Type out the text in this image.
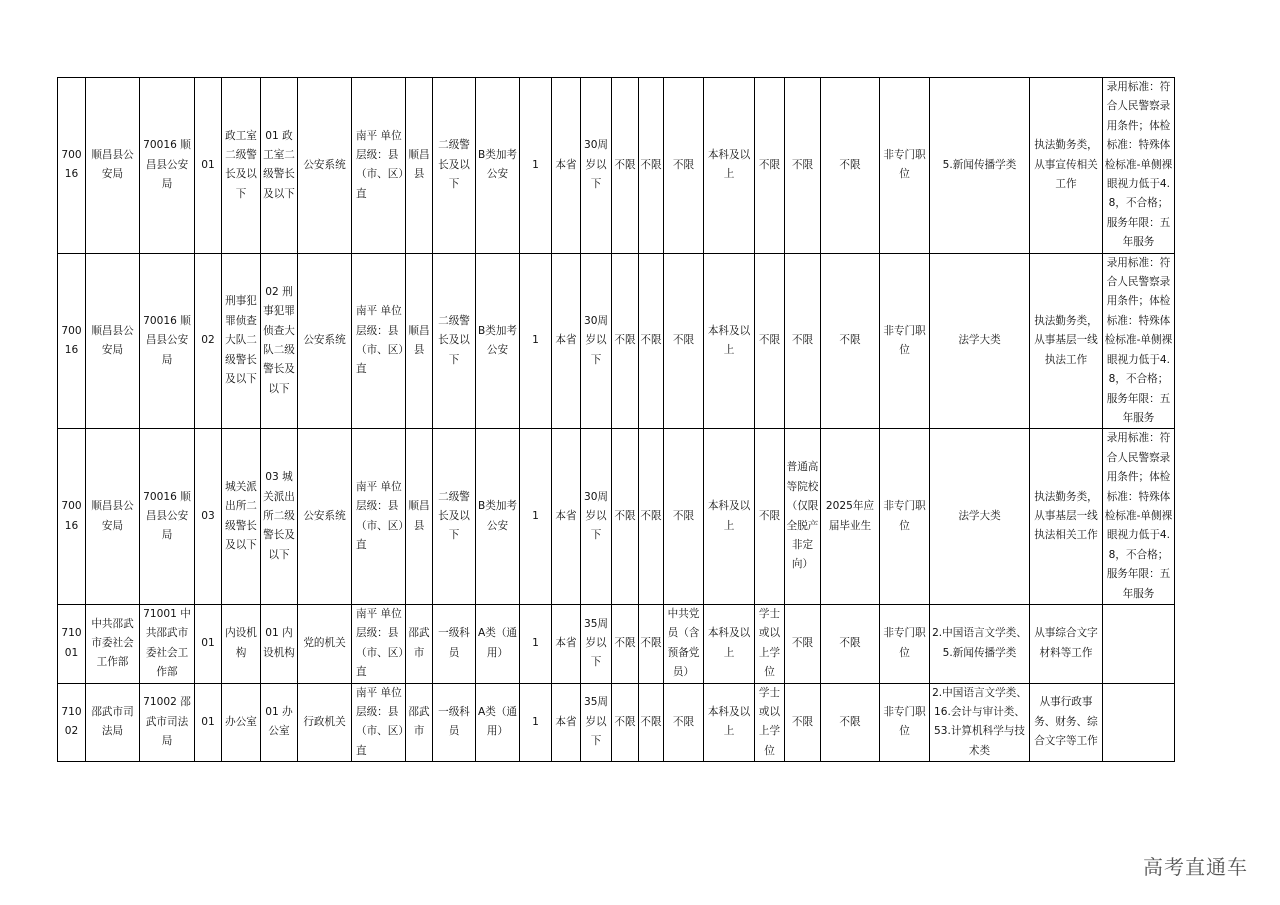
70016	顺昌县公安局	70016 顺昌县公安局	01	政工室二级警长及以下	01 政工室二级警长及以下	公安系统	南平 单位层级：县（市、区）直	顺昌县	二级警长及以下	B类加考公安	1	本省	30周岁以下	不限	不限	不限	本科及以上	不限	不限	不限	非专门职位	5.新闻传播学类	执法勤务类，从事宣传相关工作	录用标准：符合人民警察录用条件；体检标准：特殊体检标准-单侧裸眼视力低于4.8，不合格；服务年限：五年服务
70016	顺昌县公安局	70016 顺昌县公安局	02	刑事犯罪侦查大队二级警长及以下	02 刑事犯罪侦查大队二级警长及以下	公安系统	南平 单位层级：县（市、区）直	顺昌县	二级警长及以下	B类加考公安	1	本省	30周岁以下	不限	不限	不限	本科及以上	不限	不限	不限	非专门职位	法学大类	执法勤务类，从事基层一线执法工作	录用标准：符合人民警察录用条件；体检标准：特殊体检标准-单侧裸眼视力低于4.8，不合格；服务年限：五年服务
70016	顺昌县公安局	70016 顺昌县公安局	03	城关派出所二级警长及以下	03 城关派出所二级警长及以下	公安系统	南平 单位层级：县（市、区）直	顺昌县	二级警长及以下	B类加考公安	1	本省	30周岁以下	不限	不限	不限	本科及以上	不限	普通高等院校（仅限全脱产非定向）	2025年应届毕业生	非专门职位	法学大类	执法勤务类，从事基层一线执法相关工作	录用标准：符合人民警察录用条件；体检标准：特殊体检标准-单侧裸眼视力低于4.8，不合格；服务年限：五年服务
71001	中共邵武市委社会工作部	71001 中共邵武市委社会工作部	01	内设机构	01 内设机构	党的机关	南平 单位层级：县（市、区）直	邵武市	一级科员	A类（通用）	1	本省	35周岁以下	不限	不限	中共党员（含预备党员）	本科及以上	学士或以上学位	不限	不限	非专门职位	2.中国语言文学类、5.新闻传播学类	从事综合文字材料等工作	
71002	邵武市司法局	71002 邵武市司法局	01	办公室	01 办公室	行政机关	南平 单位层级：县（市、区）直	邵武市	一级科员	A类（通用）	1	本省	35周岁以下	不限	不限	不限	本科及以上	学士或以上学位	不限	不限	非专门职位	2.中国语言文学类、16.会计与审计类、53.计算机科学与技术类	从事行政事务、财务、综合文字等工作	
高考直通车
